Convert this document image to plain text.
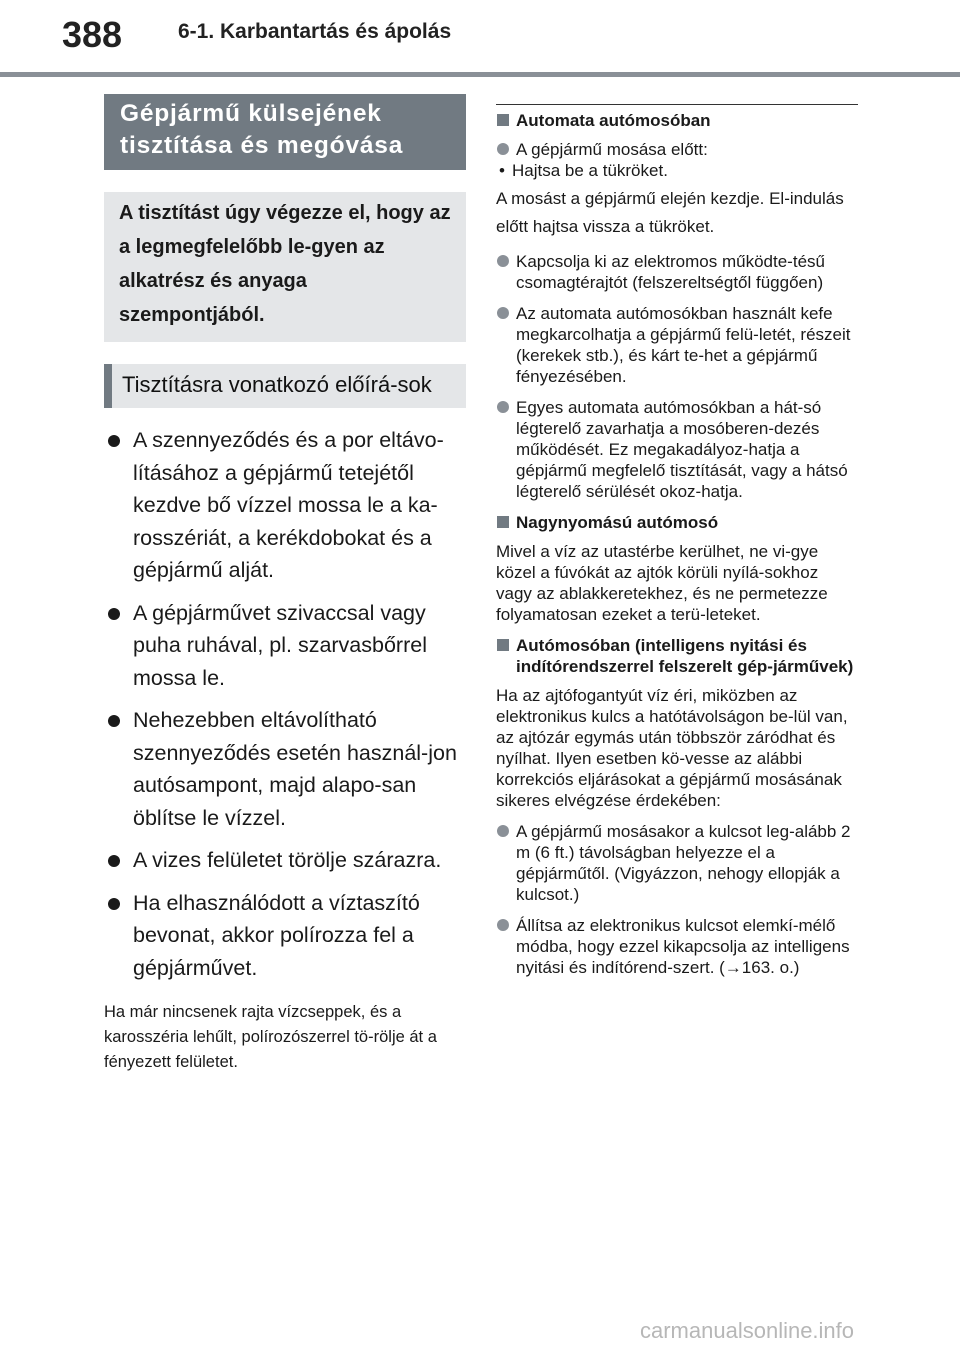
388	6-1. Karbantartás és ápolás
Gépjármű külsejének tisztítása és megóvása
A tisztítást úgy végezze el, hogy az a legmegfelelőbb le-gyen az alkatrész és anyaga szempontjából.
Tisztításra vonatkozó előírá-sok
A szennyeződés és a por eltávo-lításához a gépjármű tetejétől kezdve bő vízzel mossa le a ka-rosszériát, a kerékdobokat és a gépjármű alját.
A gépjárművet szivaccsal vagy puha ruhával, pl. szarvasbőrrel mossa le.
Nehezebben eltávolítható szennyeződés esetén használ-jon autósampont, majd alapo-san öblítse le vízzel.
A vizes felületet törölje szárazra.
Ha elhasználódott a víztaszító bevonat, akkor polírozza fel a gépjárművet.
Ha már nincsenek rajta vízcseppek, és a karosszéria lehűlt, polírozószerrel tö-rölje át a fényezett felületet.
Automata autómosóban
A gépjármű mosása előtt:
• Hajtsa be a tükröket.
A mosást a gépjármű elején kezdje. El-indulás előtt hajtsa vissza a tükröket.
Kapcsolja ki az elektromos működte-tésű csomagtérajtót (felszereltségtől függően)
Az automata autómosókban használt kefe megkarcolhatja a gépjármű felü-letét, részeit (kerekek stb.), és kárt te-het a gépjármű fényezésében.
Egyes automata autómosókban a hát-só légterelő zavarhatja a mosóberen-dezés működését. Ez megakadályoz-hatja a gépjármű megfelelő tisztítását, vagy a hátsó légterelő sérülését okoz-hatja.
Nagynyomású autómosó
Mivel a víz az utastérbe kerülhet, ne vi-gye közel a fúvókát az ajtók körüli nyílá-sokhoz vagy az ablakkeretekhez, és ne permetezze folyamatosan ezeket a terü-leteket.
Autómosóban (intelligens nyitási és indítórendszerrel felszerelt gép-járművek)
Ha az ajtófogantyút víz éri, miközben az elektronikus kulcs a hatótávolságon be-lül van, az ajtózár egymás után többször záródhat és nyílhat. Ilyen esetben kö-vesse az alábbi korrekciós eljárásokat a gépjármű mosásának sikeres elvégzése érdekében:
A gépjármű mosásakor a kulcsot leg-alább 2 m (6 ft.) távolságban helyezze el a gépjárműtől. (Vigyázzon, nehogy ellopják a kulcsot.)
Állítsa az elektronikus kulcsot elemkí-mélő módba, hogy ezzel kikapcsolja az intelligens nyitási és indítórend-szert. (→163. o.)
carmanualsonline.info
